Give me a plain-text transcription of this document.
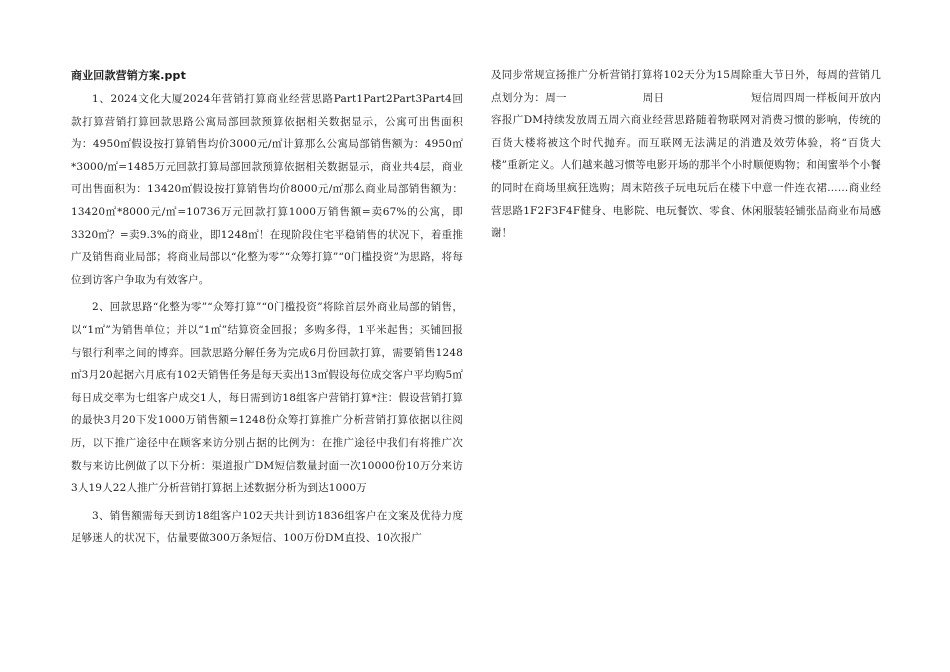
商业回款营销方案.ppt

1、2024文化大厦2024年营销打算商业经营思路Part1Part2Part3Part4回款打算营销打算回款思路公寓局部回款预算依据相关数据显示，公寓可出售面积为：4950㎡假设按打算销售均价3000元/㎡计算那么公寓局部销售额为：4950㎡*3000/㎡=1485万元回款打算局部回款预算依据相关数据显示，商业共4层，商业可出售面积为：13420㎡假设按打算销售均价8000元/㎡那么商业局部销售额为：13420㎡*8000元/㎡=10736万元回款打算1000万销售额=卖67%的公寓，即3320㎡？=卖9.3%的商业，即1248㎡！在现阶段住宅平稳销售的状况下，着重推广及销售商业局部；将商业局部以“化整为零”“众筹打算”“0门槛投资”为思路，将每位到访客户争取为有效客户。

2、回款思路“化整为零”“众筹打算”“0门槛投资”将除首层外商业局部的销售，以“1㎡”为销售单位；并以“1㎡”结算资金回报；多购多得，1平米起售；买铺回报与银行利率之间的博弈。回款思路分解任务为完成6月份回款打算，需要销售1248㎡3月20起据六月底有102天销售任务是每天卖出13㎡假设每位成交客户平均购5㎡每日成交率为七组客户成交1人，每日需到访18组客户营销打算*注：假设营销打算的最快3月20下发1000万销售额=1248份众筹打算推广分析营销打算依据以往阅历，以下推广途径中在顾客来访分别占据的比例为：在推广途径中我们有将推广次数与来访比例做了以下分析：渠道报广DM短信数量封面一次10000份10万分来访3人19人22人推广分析营销打算据上述数据分析为到达1000万

3、销售额需每天到访18组客户102天共计到访1836组客户在文案及优待力度足够迷人的状况下，估量要做300万条短信、100万份DM直投、10次报广

及同步常规宣扬推广分析营销打算将102天分为15周除重大节日外，每周的营销几点划分为：周一　　　　　　　周日　　　　　　　　短信周四周一样板间开放内容报广DM持续发放周五周六商业经营思路随着物联网对消费习惯的影响，传统的百货大楼将被这个时代抛弃。而互联网无法满足的消遣及效劳体验，将“百货大楼”重新定义。人们越来越习惯等电影开场的那半个小时顺便购物；和闺蜜举个小餐的同时在商场里疯狂选购；周末陪孩子玩电玩后在楼下中意一件连衣裙……商业经营思路1F2F3F4F健身、电影院、电玩餐饮、零食、休闲服装轻铺张品商业布局感谢！
